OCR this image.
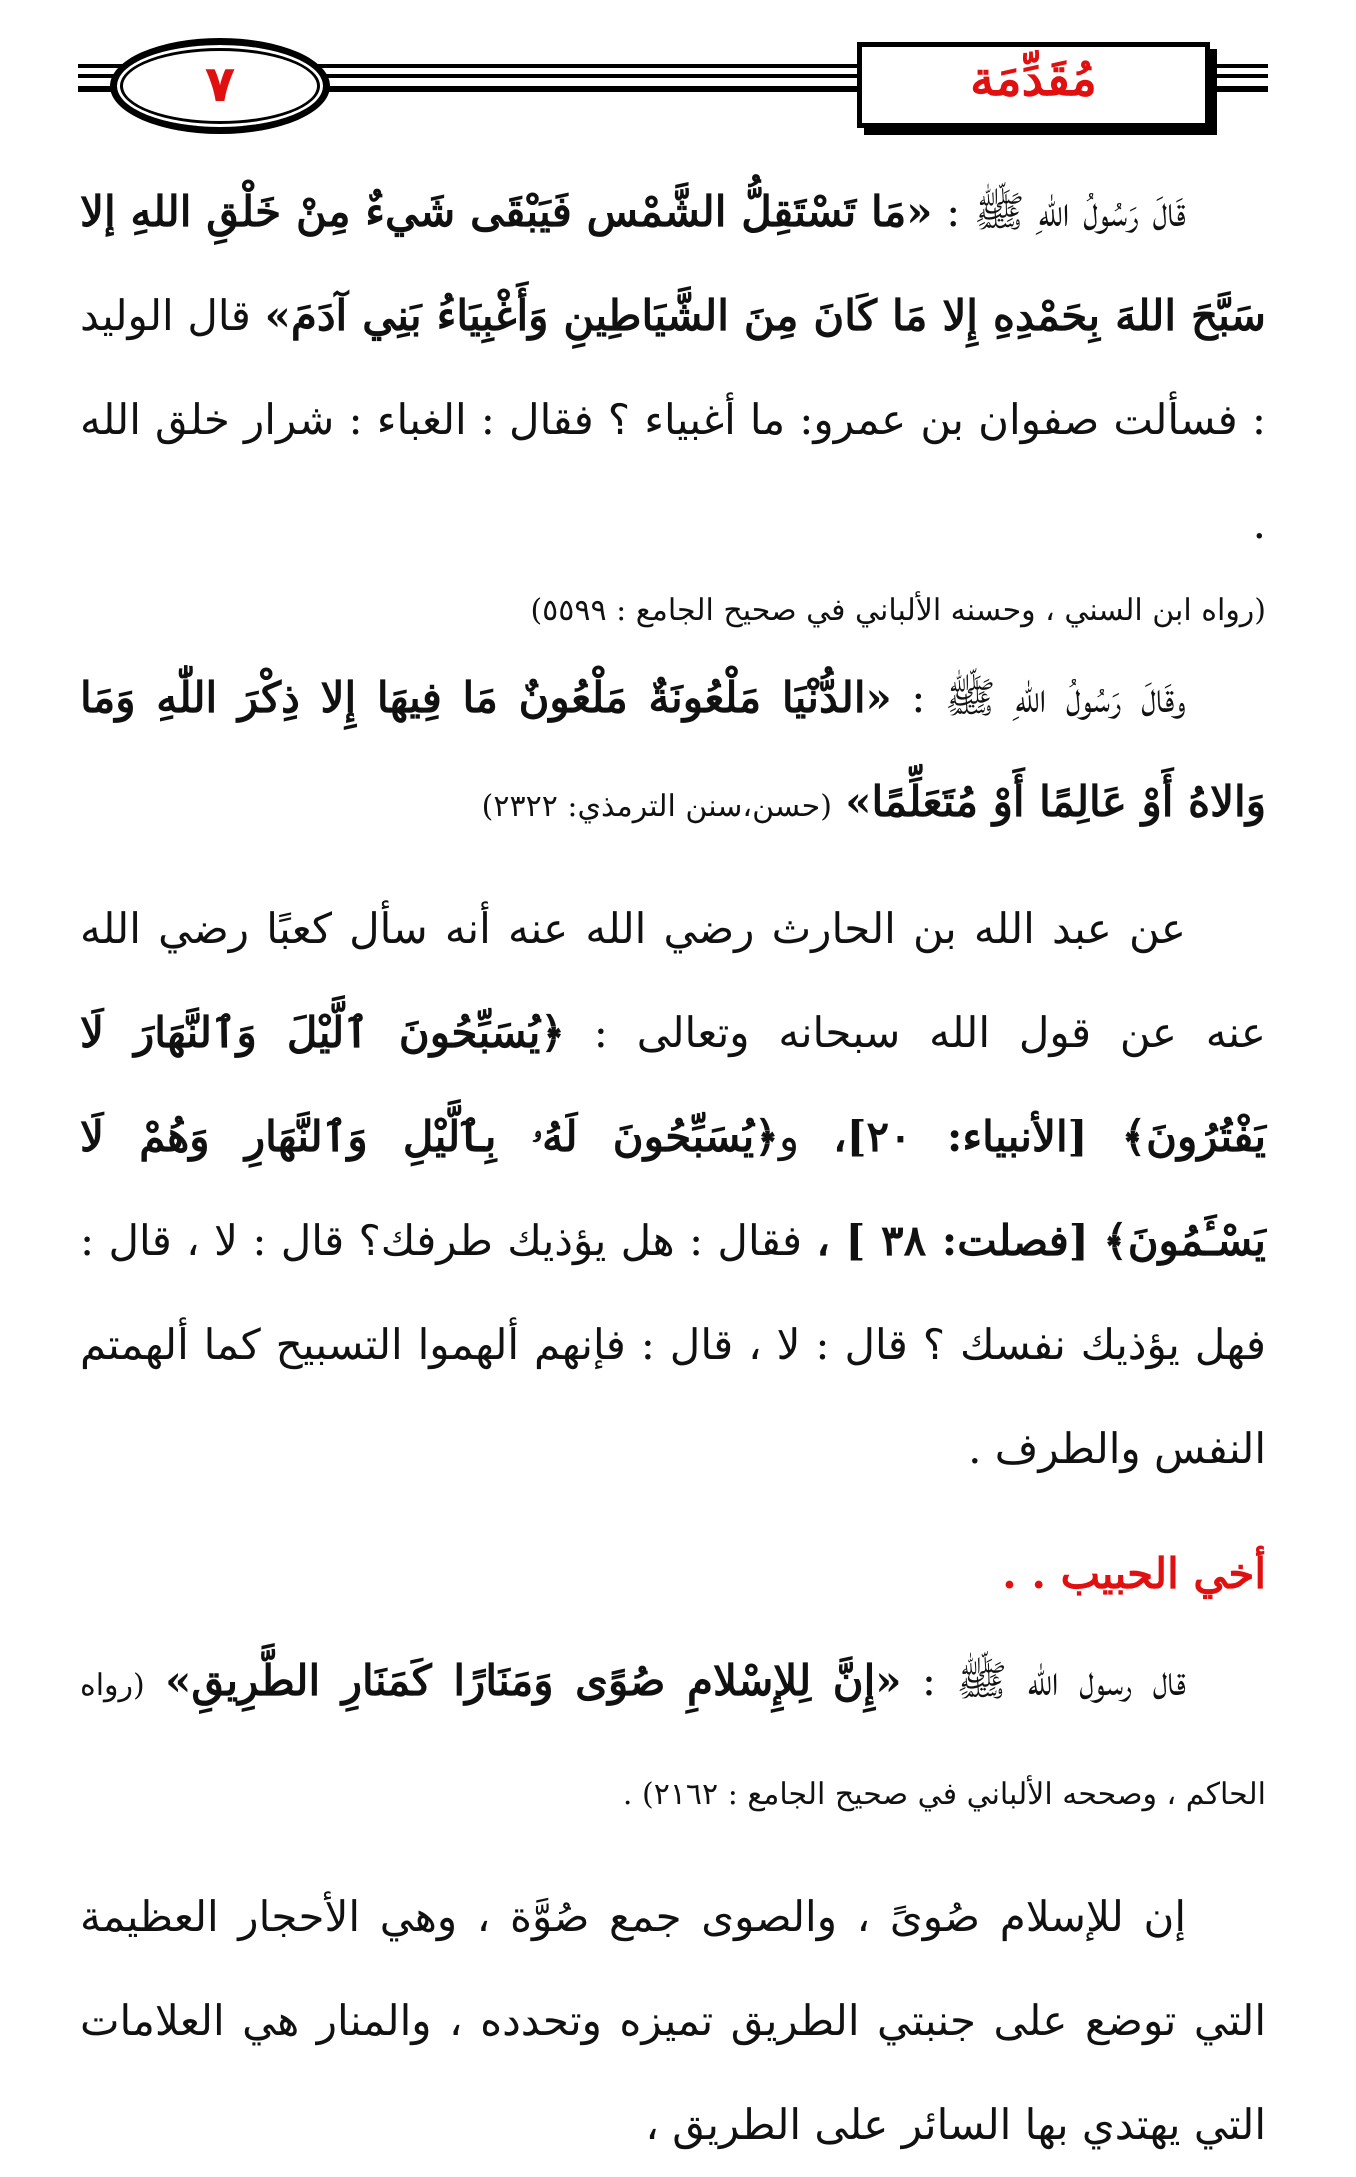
٧	مُقَدِّمَة

قَالَ رَسُولُ اللّٰهِ ﷺ : «مَا تَسْتَقِلُّ الشَّمْس فَيَبْقَى شَيءٌ مِنْ خَلْقِ اللهِ إلا سَبَّحَ اللهَ بِحَمْدِهِ إِلا مَا كَانَ مِنَ الشَّيَاطِينِ وَأَغْبِيَاءُ بَنِي آدَمَ» قال الوليد : فسألت صفوان بن عمرو: ما أغبياء ؟ فقال : الغباء : شرار خلق الله .

(رواه ابن السني ، وحسنه الألباني في صحيح الجامع : ٥٥٩٩)

وقَالَ رَسُولُ اللّٰهِ ﷺ : «الدُّنْيَا مَلْعُونَةٌ مَلْعُونٌ مَا فِيهَا إِلا ذِكْرَ اللّٰهِ وَمَا وَالاهُ أَوْ عَالِمًا أَوْ مُتَعَلِّمًا» (حسن،سنن الترمذي: ٢٣٢٢)

عن عبد الله بن الحارث رضي الله عنه أنه سأل كعبًا رضي الله عنه عن قول الله سبحانه وتعالى : ﴿يُسَبِّحُونَ ٱلَّيْلَ وَٱلنَّهَارَ لَا يَفْتُرُونَ﴾ [الأنبياء: ٢٠]، و﴿يُسَبِّحُونَ لَهُۥ بِٱلَّيْلِ وَٱلنَّهَارِ وَهُمْ لَا يَسْـَٔمُونَ﴾ [فصلت: ٣٨ ] ، فقال : هل يؤذيك طرفك؟ قال : لا ، قال : فهل يؤذيك نفسك ؟ قال : لا ، قال : فإنهم ألهموا التسبيح كما ألهمتم النفس والطرف .

أخي الحبيب . .

قال رسول الله ﷺ : «إِنَّ لِلإِسْلامِ صُوًى وَمَنَارًا كَمَنَارِ الطَّرِيقِ» (رواه الحاكم ، وصححه الألباني في صحيح الجامع : ٢١٦٢) .

إن للإسلام صُوىً ، والصوى جمع صُوَّة ، وهي الأحجار العظيمة التي توضع على جنبتي الطريق تميزه وتحدده ، والمنار هي العلامات التي يهتدي بها السائر على الطريق ،
